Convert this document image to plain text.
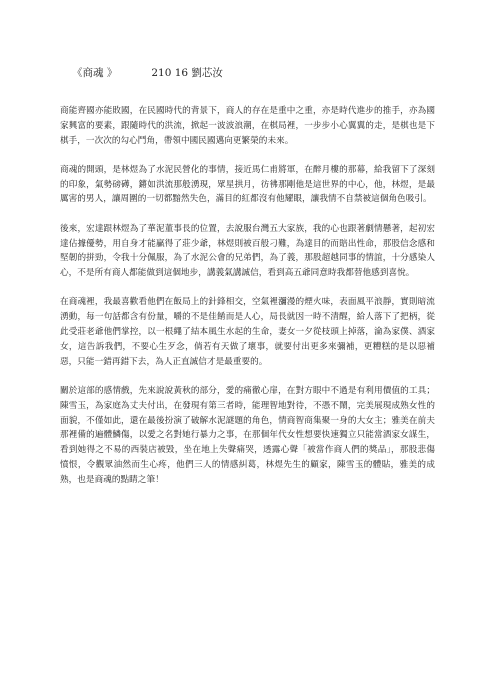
《商魂 》	210 16 劉芯汝

商能齊國亦能敗國，在民國時代的背景下，商人的存在是重中之重，亦是時代進步的推手，亦為國家興富的要素，跟隨時代的洪流，掀起一波波浪潮，在棋局裡，一步步小心翼翼的走，是棋也是下棋手，一次次的勾心鬥角，帶領中國民國邁向更繁榮的未來。

商魂的開頭，是林煜為了水泥民營化的事情，接近馬仁甫將軍，在醉月樓的那幕，給我留下了深刻的印象，氣勢磅礡，鏘如洪流那般湧現，眾星拱月，彷彿那剛他是這世界的中心，他，林煜，是最厲害的男人，讓周圍的一切都黯然失色，滿目的紅都沒有他耀眼，讓我情不自禁被這個角色吸引。

後來，宏達跟林煜為了華泥董事長的位置，去說服台灣五大家族，我的心也跟著劇情懸著，起初宏達佔據優勢，用自身才能贏得了莊少爺，林煜則被百般刁難，為達目的而賠出性命，那股信念感和堅韌的拼勁，令我十分佩服，為了水泥公會的兄弟們，為了義，那股超越同事的情誼，十分感染人心，不是所有商人都能做到這個地步，講義氣講誠信，看到高五爺同意時我都替他感到喜悅。

在商魂裡，我最喜歡看他們在飯局上的針鋒相交，空氣裡瀰漫的煙火味，表面風平浪靜，實則暗流湧動，每一句話都含有份量，嚼的不是佳餚而是人心，局長就因一時不清醒，給人落下了把柄，從此受莊老爺他們掌控，以一根繩了結本風生水起的生命，妻女一夕從枝頭上掉落，淪為家僕、酒家女，這告訴我們，不要心生歹念，倘若有天做了壞事，就要付出更多來彌補，更糟糕的是以惡補惡，只能一錯再錯下去，為人正直誠信才是最重要的。

關於這部的感情戲，先來說說黃秋的部分，愛的痛徹心扉，在對方眼中不過是有利用價值的工具；陳雪玉，為家庭為丈夫付出，在發現有第三者時，能理智地對待，不憑不鬧，完美展現成熟女性的面貌，不僅如此，還在最後扮演了破解水泥謎題的角色，情商智商集聚一身的大女主；雅美在前夫那裡備的遍體鱗傷，以愛之名對她行暴力之事，在那個年代女性想要快速獨立只能當酒家女謀生，看到她得之不易的西裝店被毀，坐在地上失聲痛哭，透露心聲「被當作商人們的獎品」，那股悲傷憤恨，令觀眾油然而生心疼，他們三人的情感糾葛，林煜先生的顧家，陳雪玉的體貼，雅美的成熟，也是商魂的點睛之筆！
